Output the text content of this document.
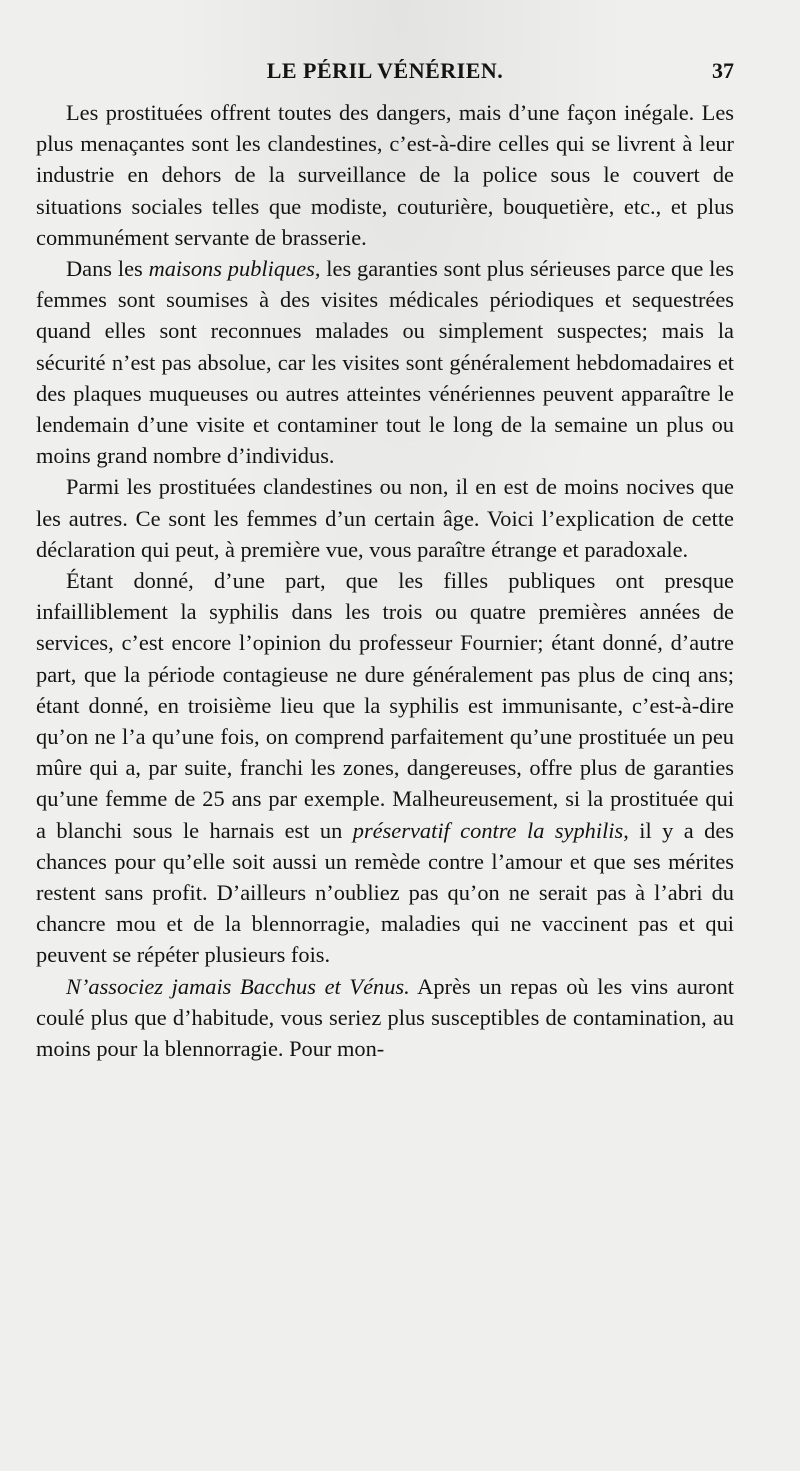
LE PÉRIL VÉNÉRIEN.	37

Les prostituées offrent toutes des dangers, mais d’une façon inégale. Les plus menaçantes sont les clandestines, c’est-à-dire celles qui se livrent à leur industrie en dehors de la surveillance de la police sous le couvert de situations sociales telles que modiste, couturière, bouquetière, etc., et plus communément servante de brasserie.

Dans les maisons publiques, les garanties sont plus sérieuses parce que les femmes sont soumises à des visites médicales périodiques et sequestrées quand elles sont reconnues malades ou simplement suspectes; mais la sécurité n’est pas absolue, car les visites sont généralement hebdomadaires et des plaques muqueuses ou autres atteintes vénériennes peuvent apparaître le lendemain d’une visite et contaminer tout le long de la semaine un plus ou moins grand nombre d’individus.

Parmi les prostituées clandestines ou non, il en est de moins nocives que les autres. Ce sont les femmes d’un certain âge. Voici l’explication de cette déclaration qui peut, à première vue, vous paraître étrange et paradoxale.

Étant donné, d’une part, que les filles publiques ont presque infailliblement la syphilis dans les trois ou quatre premières années de services, c’est encore l’opinion du professeur Fournier; étant donné, d’autre part, que la période contagieuse ne dure généralement pas plus de cinq ans; étant donné, en troisième lieu que la syphilis est immunisante, c’est-à-dire qu’on ne l’a qu’une fois, on comprend parfaitement qu’une prostituée un peu mûre qui a, par suite, franchi les zones, dangereuses, offre plus de garanties qu’une femme de 25 ans par exemple. Malheureusement, si la prostituée qui a blanchi sous le harnais est un préservatif contre la syphilis, il y a des chances pour qu’elle soit aussi un remède contre l’amour et que ses mérites restent sans profit. D’ailleurs n’oubliez pas qu’on ne serait pas à l’abri du chancre mou et de la blennorragie, maladies qui ne vaccinent pas et qui peuvent se répéter plusieurs fois.

N’associez jamais Bacchus et Vénus. Après un repas où les vins auront coulé plus que d’habitude, vous seriez plus susceptibles de contamination, au moins pour la blennorragie. Pour mon-
